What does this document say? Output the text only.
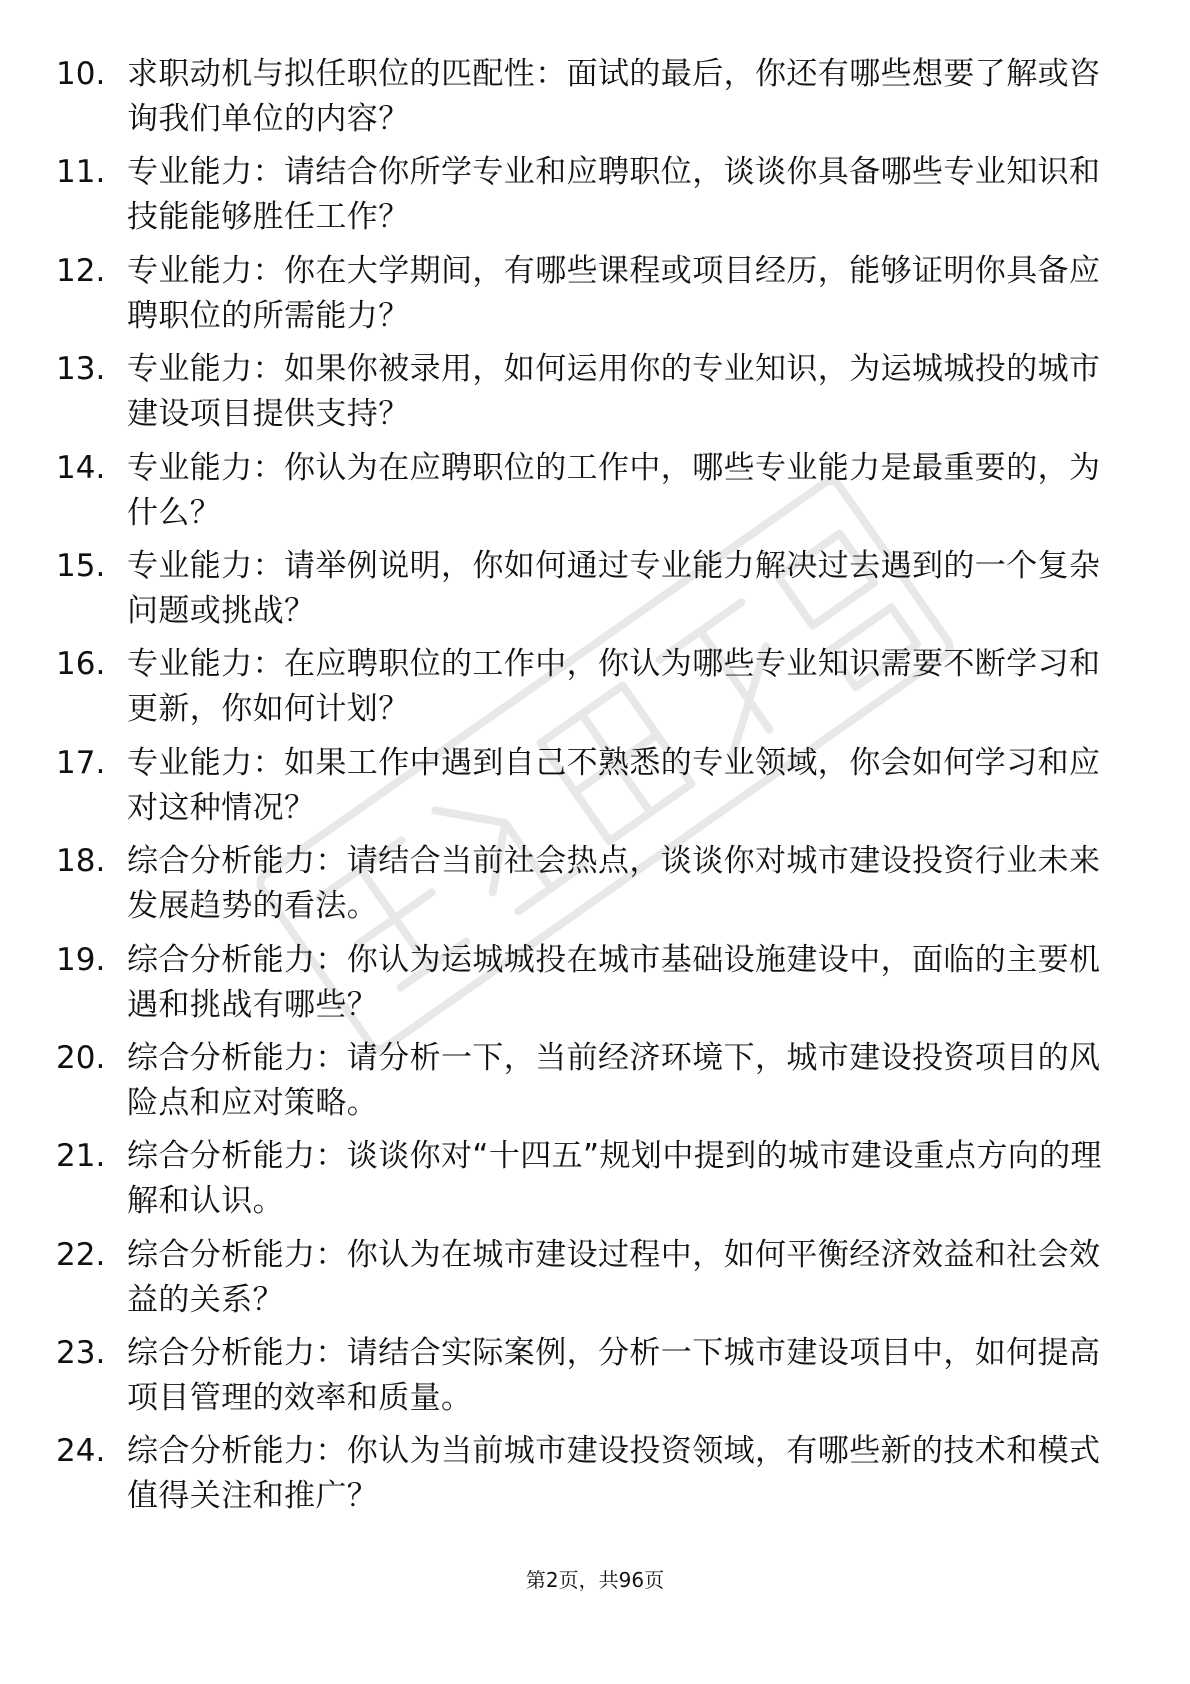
10. 求职动机与拟任职位的匹配性：面试的最后，你还有哪些想要了解或咨询我们单位的内容？
11. 专业能力：请结合你所学专业和应聘职位，谈谈你具备哪些专业知识和技能能够胜任工作？
12. 专业能力：你在大学期间，有哪些课程或项目经历，能够证明你具备应聘职位的所需能力？
13. 专业能力：如果你被录用，如何运用你的专业知识，为运城城投的城市建设项目提供支持？
14. 专业能力：你认为在应聘职位的工作中，哪些专业能力是最重要的，为什么？
15. 专业能力：请举例说明，你如何通过专业能力解决过去遇到的一个复杂问题或挑战？
16. 专业能力：在应聘职位的工作中，你认为哪些专业知识需要不断学习和更新，你如何计划？
17. 专业能力：如果工作中遇到自己不熟悉的专业领域，你会如何学习和应对这种情况？
18. 综合分析能力：请结合当前社会热点，谈谈你对城市建设投资行业未来发展趋势的看法。
19. 综合分析能力：你认为运城城投在城市基础设施建设中，面临的主要机遇和挑战有哪些？
20. 综合分析能力：请分析一下，当前经济环境下，城市建设投资项目的风险点和应对策略。
21. 综合分析能力：谈谈你对“十四五”规划中提到的城市建设重点方向的理解和认识。
22. 综合分析能力：你认为在城市建设过程中，如何平衡经济效益和社会效益的关系？
23. 综合分析能力：请结合实际案例，分析一下城市建设项目中，如何提高项目管理的效率和质量。
24. 综合分析能力：你认为当前城市建设投资领域，有哪些新的技术和模式值得关注和推广？
第2页，共96页
